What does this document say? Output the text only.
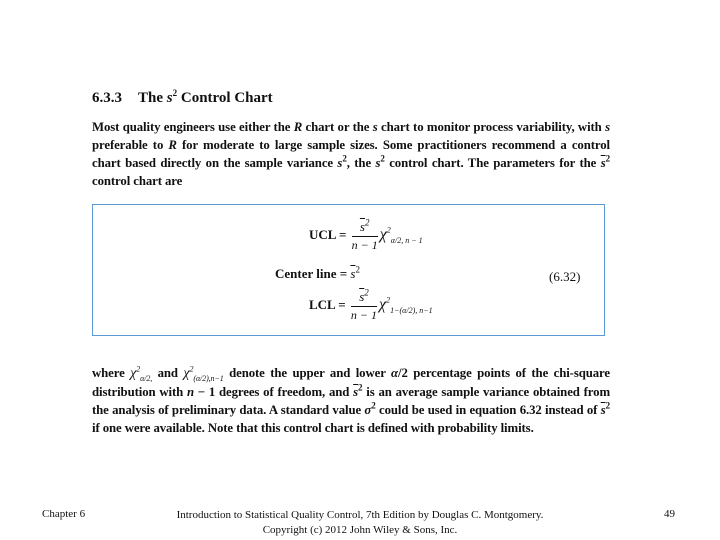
6.3.3 The $s^2$ Control Chart
Most quality engineers use either the R chart or the s chart to monitor process variability, with s preferable to R for moderate to large sample sizes. Some practitioners recommend a control chart based directly on the sample variance $s^2$, the $s^2$ control chart. The parameters for the $\overline{s}^2$ control chart are
UCL = $\frac{\overline{s}^2}{n - 1} \chi^2_{\alpha/2, n - 1}$
Center line = $\overline{s}^2$
LCL = $\frac{\overline{s}^2}{n - 1} \chi^2_{1-(\alpha/2), n-1}$
(6.32)
where $\chi^2_{\alpha/2,}$ and $\chi^2_{(\alpha/2),n-1}$ denote the upper and lower α/2 percentage points of the chi-square distribution with n − 1 degrees of freedom, and $\overline{s}^2$ is an average sample variance obtained from the analysis of preliminary data. A standard value $\sigma^2$ could be used in equation 6.32 instead of $\overline{s}^2$ if one were available. Note that this control chart is defined with probability limits.
Chapter 6	Introduction to Statistical Quality Control, 7th Edition by Douglas C. Montgomery.
Copyright (c) 2012 John Wiley & Sons, Inc.
49
